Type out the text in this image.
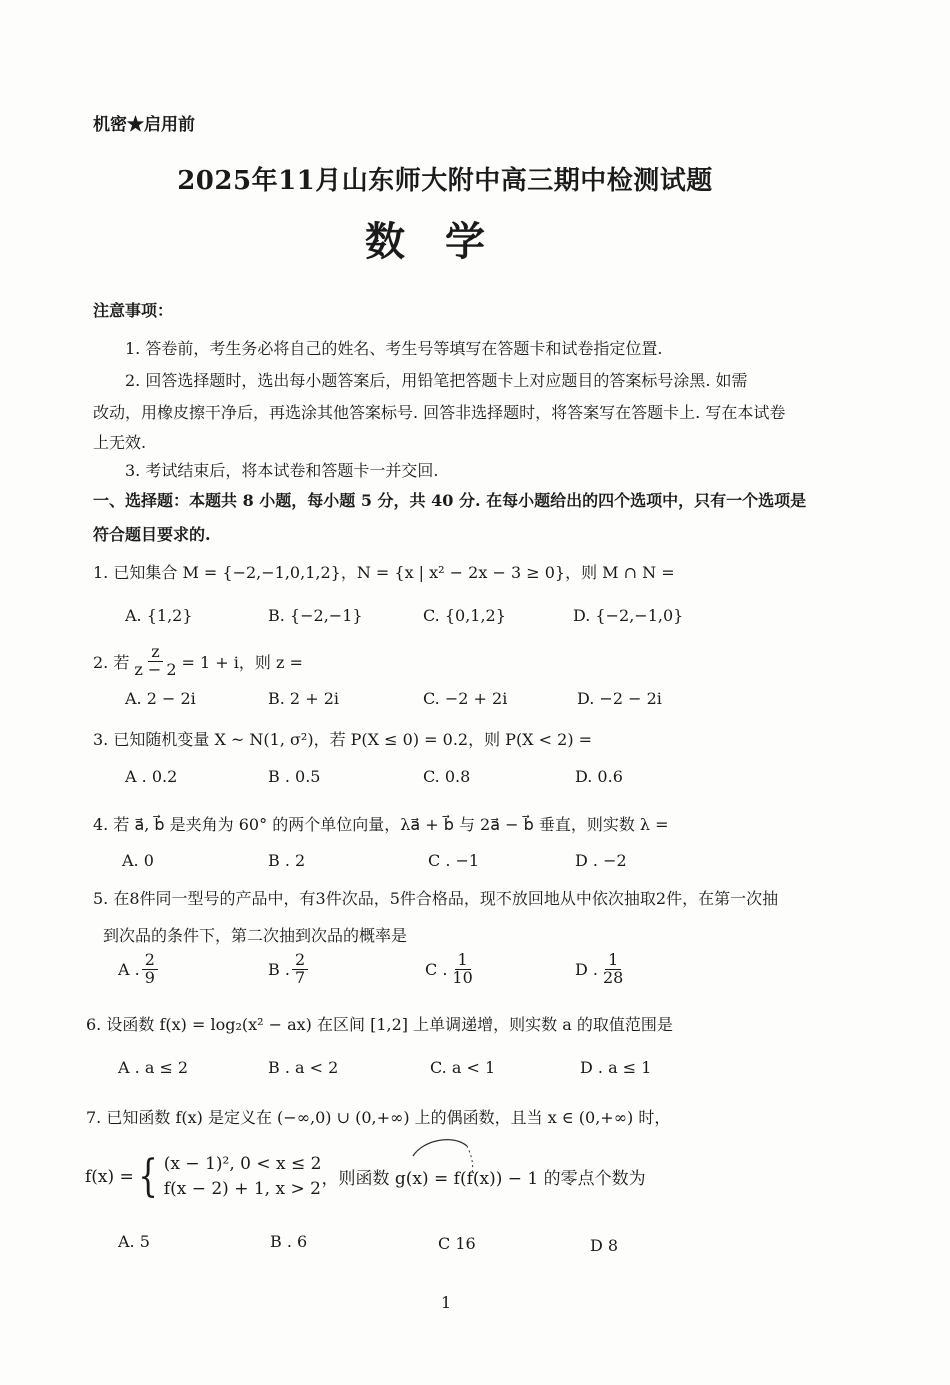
机密★启用前
2025年11月山东师大附中高三期中检测试题
数学
注意事项：
1. 答卷前，考生务必将自己的姓名、考生号等填写在答题卡和试卷指定位置.
2. 回答选择题时，选出每小题答案后，用铅笔把答题卡上对应题目的答案标号涂黑. 如需
改动，用橡皮擦干净后，再选涂其他答案标号. 回答非选择题时，将答案写在答题卡上. 写在本试卷
上无效.
3. 考试结束后，将本试卷和答题卡一并交回.
一、选择题：本题共 8 小题，每小题 5 分，共 40 分. 在每小题给出的四个选项中，只有一个选项是
符合题目要求的.
1. 已知集合 M = {−2,−1,0,1,2}，N = {x | x² − 2x − 3 ≥ 0}，则 M ∩ N =
A. {1,2}	B. {−2,−1}	C. {0,1,2}	D. {−2,−1,0}
2. 若 $\frac{z}{z - 2} = 1 + i$，则 z =
A. 2 − 2i	B. 2 + 2i	C. −2 + 2i	D. −2 − 2i
3. 已知随机变量 X ~ N(1, σ²)，若 P(X ≤ 0) = 0.2，则 P(X < 2) =
A . 0.2	B . 0.5	C. 0.8	D. 0.6
4. 若 a⃗, b⃗ 是夹角为 60° 的两个单位向量，λa⃗ + b⃗ 与 2a⃗ − b⃗ 垂直，则实数 λ =
A. 0	B . 2	C . −1	D . −2
5. 在8件同一型号的产品中，有3件次品，5件合格品，现不放回地从中依次抽取2件，在第一次抽
到次品的条件下，第二次抽到次品的概率是
A . $\frac{2}{9}$	B . $\frac{2}{7}$	C . $\frac{1}{10}$	D . $\frac{1}{28}$
6. 设函数 f(x) = log₂(x² − ax) 在区间 [1,2] 上单调递增，则实数 a 的取值范围是
A . a ≤ 2	B . a < 2	C. a < 1	D . a ≤ 1
7. 已知函数 f(x) 是定义在 (−∞,0) ∪ (0,+∞) 上的偶函数，且当 x ∈ (0,+∞) 时，
f(x) = { (x − 1)², 0 < x ≤ 2
f(x − 2) + 1, x > 2 ，则函数 g(x) = f(f(x)) − 1 的零点个数为
A. 5	B . 6	C 16	D 8
1
